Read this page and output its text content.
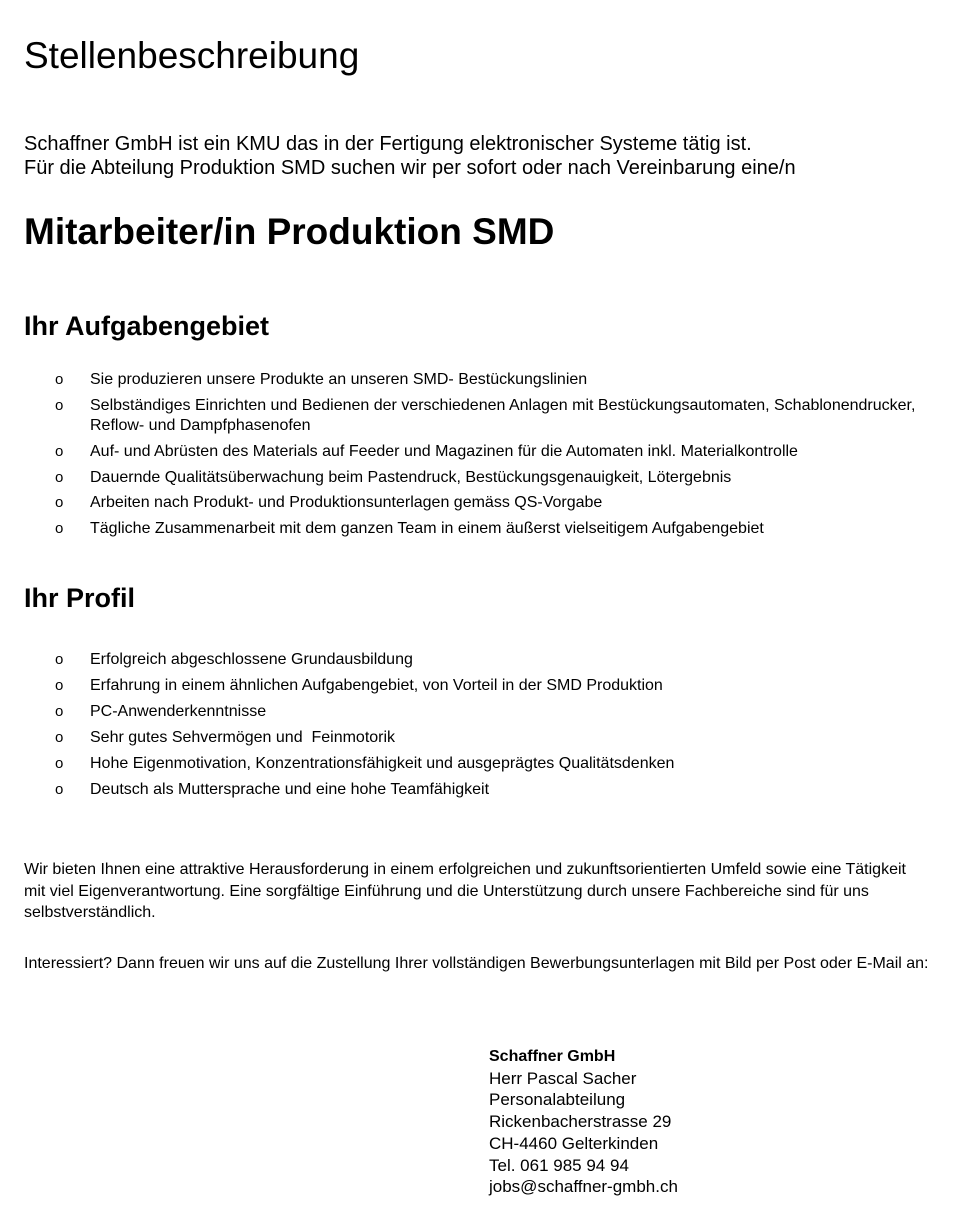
Stellenbeschreibung

Schaffner GmbH ist ein KMU das in der Fertigung elektronischer Systeme tätig ist.

Für die Abteilung Produktion SMD suchen wir per sofort oder nach Vereinbarung eine/n

Mitarbeiter/in Produktion SMD
Ihr Aufgabengebiet
o Sie produzieren unsere Produkte an unseren SMD- Bestückungslinien
o Selbständiges Einrichten und Bedienen der verschiedenen Anlagen mit Bestückungsautomaten, Schablonendrucker, Reflow- und Dampfphasenofen
o Auf- und Abrüsten des Materials auf Feeder und Magazinen für die Automaten inkl. Materialkontrolle
o Dauernde Qualitätsüberwachung beim Pastendruck, Bestückungsgenauigkeit, Lötergebnis
o Arbeiten nach Produkt- und Produktionsunterlagen gemäss QS-Vorgabe
o Tägliche Zusammenarbeit mit dem ganzen Team in einem äußerst vielseitigem Aufgabengebiet
Ihr Profil
o Erfolgreich abgeschlossene Grundausbildung
o Erfahrung in einem ähnlichen Aufgabengebiet, von Vorteil in der SMD Produktion
o PC-Anwenderkenntnisse
o Sehr gutes Sehvermögen und  Feinmotorik
o Hohe Eigenmotivation, Konzentrationsfähigkeit und ausgeprägtes Qualitätsdenken
o Deutsch als Muttersprache und eine hohe Teamfähigkeit

Wir bieten Ihnen eine attraktive Herausforderung in einem erfolgreichen und zukunftsorientierten Umfeld sowie eine Tätigkeit mit viel Eigenverantwortung. Eine sorgfältige Einführung und die Unterstützung durch unsere Fachbereiche sind für uns selbstverständlich.

Interessiert? Dann freuen wir uns auf die Zustellung Ihrer vollständigen Bewerbungsunterlagen mit Bild per Post oder E-Mail an:

Schaffner GmbH
Herr Pascal Sacher
Personalabteilung
Rickenbacherstrasse 29
CH-4460 Gelterkinden
Tel. 061 985 94 94
jobs@schaffner-gmbh.ch
